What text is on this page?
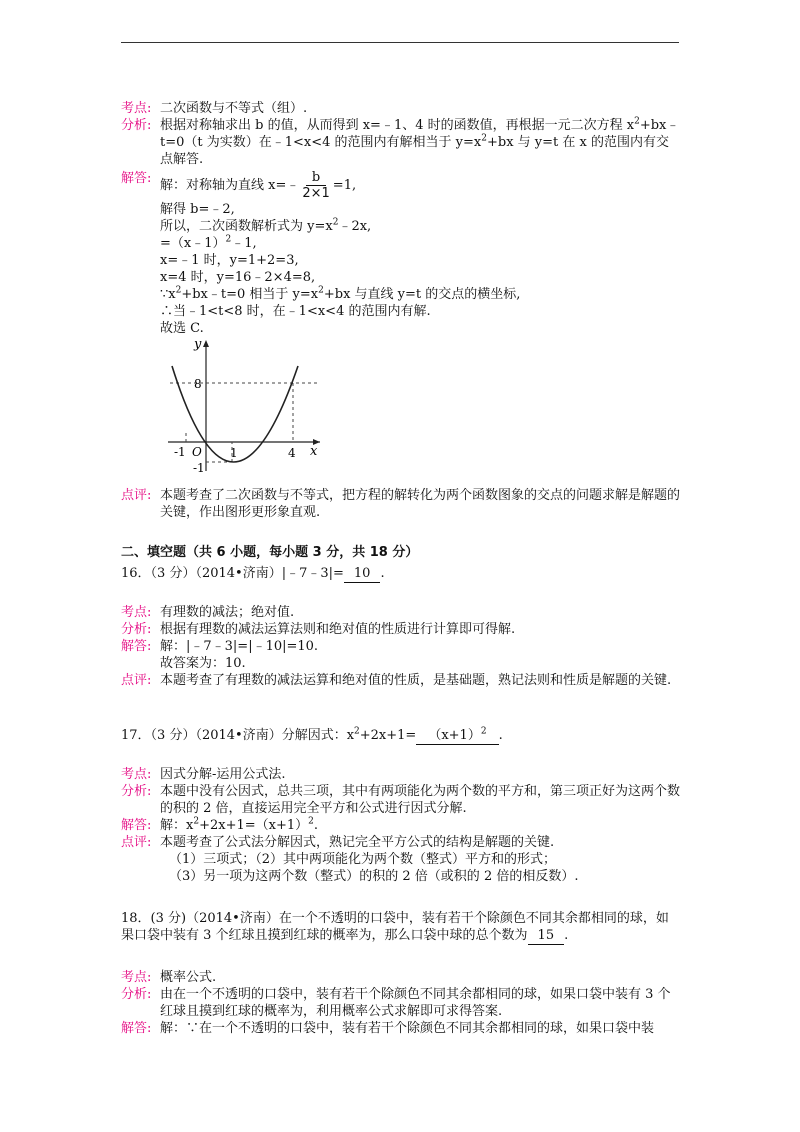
考点: 二次函数与不等式（组）.
分析: 根据对称轴求出 b 的值，从而得到 x=﹣1、4 时的函数值，再根据一元二次方程 $x^2+bx﹣t=0(t$ 为实数）在﹣1<x<4 的范围内有解相当于 $y=x^2+bx$ 与 y=t 在 x 的范围内有交点解答.
解答: 解：对称轴为直线 x=﹣ $\frac{b}{2\times 1} =1$,
解得 b=﹣2,
所以，二次函数解析式为 $y=x^2﹣2x$,
=（x﹣1）$^2$﹣1,
x=﹣1 时，y=1+2=3,
x=4 时，y=16﹣2×4=8,
$\because x^2+bx﹣t=0$ 相当于 $y=x^2+bx$ 与直线 y=t 的交点的横坐标,
∴当﹣1<t<8 时，在﹣1<x<4 的范围内有解.
故选 C.
y
x
8
-1 O 1	4
-1
点评: 本题考查了二次函数与不等式，把方程的解转化为两个函数图象的交点的问题求解是解题的关键，作出图形更形象直观.
二、填空题（共 6 小题，每小题 3 分，共 18 分）
16．（3 分）（2014•济南）|﹣7﹣3|= 10 .
考点: 有理数的减法；绝对值.
分析: 根据有理数的减法运算法则和绝对值的性质进行计算即可得解.
解答: 解：|﹣7﹣3|=|﹣10|=10.
故答案为：10.
点评: 本题考查了有理数的减法运算和绝对值的性质，是基础题，熟记法则和性质是解题的关键.
17．（3 分）（2014•济南）分解因式：$x^2+2x+1= (x+1)^2$ .
考点: 因式分解-运用公式法.
分析: 本题中没有公因式，总共三项，其中有两项能化为两个数的平方和，第三项正好为这两个数的积的 2 倍，直接运用完全平方和公式进行因式分解.
解答: 解：$x^2+2x+1=(x+1)^2$.
点评: 本题考查了公式法分解因式，熟记完全平方公式的结构是解题的关键.
（1）三项式；（2）其中两项能化为两个数（整式）平方和的形式；
（3）另一项为这两个数（整式）的积的 2 倍（或积的 2 倍的相反数）.
18．(3 分)（2014•济南）在一个不透明的口袋中，装有若干个除颜色不同其余都相同的球，如果口袋中装有 3 个红球且摸到红球的概率为，那么口袋中球的总个数为 15 .
考点: 概率公式.
分析: 由在一个不透明的口袋中，装有若干个除颜色不同其余都相同的球，如果口袋中装有 3 个红球且摸到红球的概率为，利用概率公式求解即可求得答案.
解答: 解：∵在一个不透明的口袋中，装有若干个除颜色不同其余都相同的球，如果口袋中装
